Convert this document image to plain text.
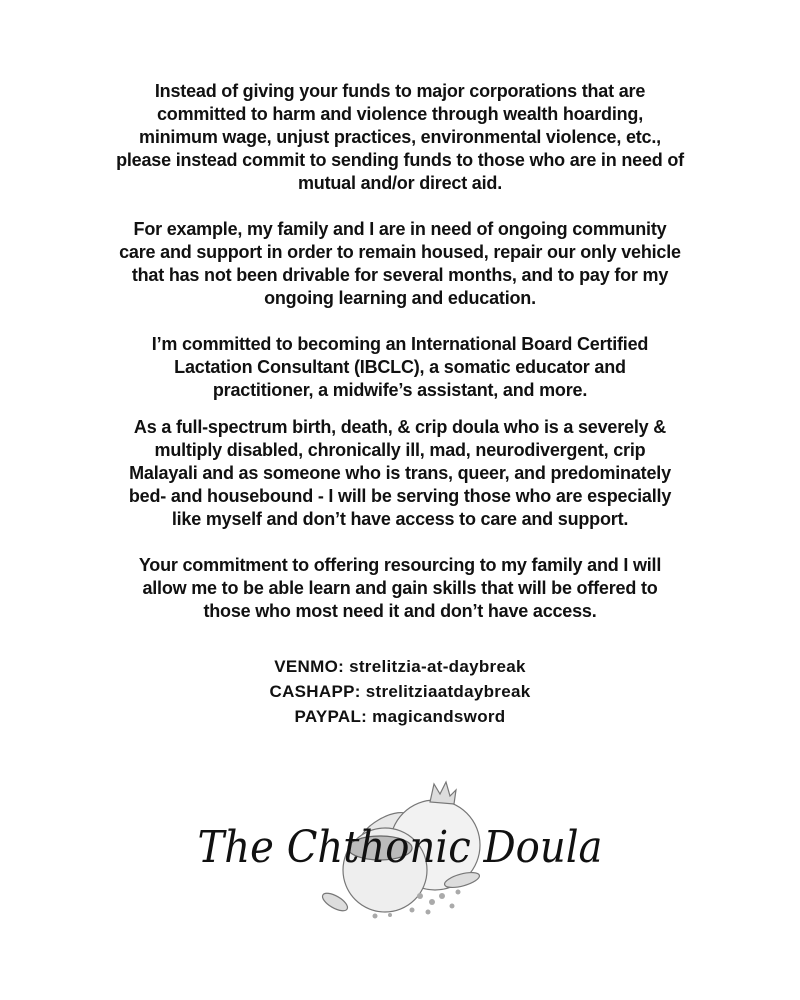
Instead of giving your funds to major corporations that are
committed to harm and violence through wealth hoarding,
minimum wage, unjust practices, environmental violence, etc.,
please instead commit to sending funds to those who are in need of
mutual and/or direct aid.
For example, my family and I are in need of ongoing community
care and support in order to remain housed, repair our only vehicle
that has not been drivable for several months, and to pay for my
ongoing learning and education.
I’m committed to becoming an International Board Certified
Lactation Consultant (IBCLC), a somatic educator and
practitioner, a midwife’s assistant, and more.
As a full-spectrum birth, death, & crip doula who is a severely &
multiply disabled, chronically ill, mad, neurodivergent, crip
Malayali and as someone who is trans, queer, and predominately
bed- and housebound - I will be serving those who are especially
like myself and don’t have access to care and support.
Your commitment to offering resourcing to my family and I will
allow me to be able learn and gain skills that will be offered to
those who most need it and don’t have access.
VENMO: strelitzia-at-daybreak
CASHAPP: strelitziaatdaybreak
PAYPAL: magicandsword
The Chthonic Doula
